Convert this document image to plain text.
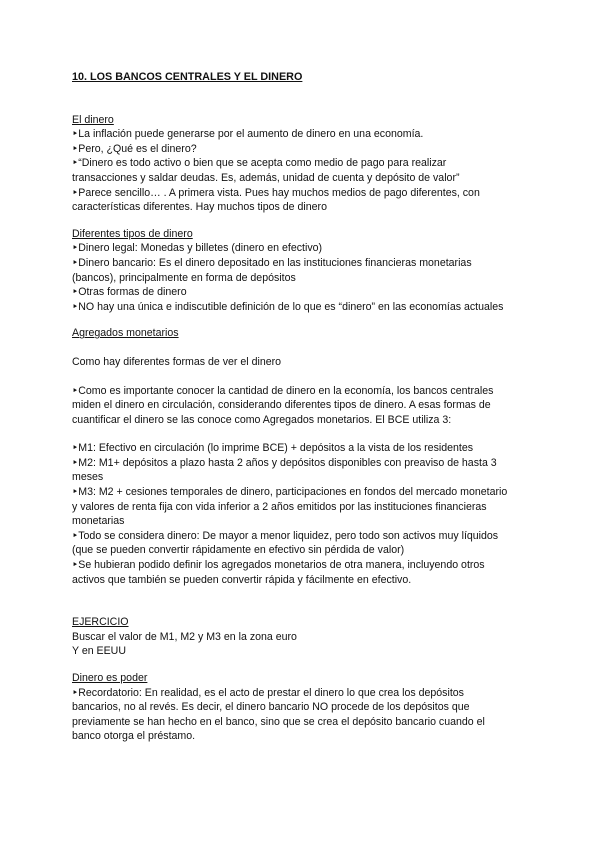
10. LOS BANCOS CENTRALES Y EL DINERO
El dinero
‣La inflación puede generarse por el aumento de dinero en una economía.
‣Pero, ¿Qué es el dinero?
‣“Dinero es todo activo o bien que se acepta como medio de pago para realizar
transacciones y saldar deudas. Es, además, unidad de cuenta y depósito de valor”
‣Parece sencillo… . A primera vista. Pues hay muchos medios de pago diferentes, con
características diferentes. Hay muchos tipos de dinero
Diferentes tipos de dinero
‣Dinero legal: Monedas y billetes (dinero en efectivo)
‣Dinero bancario: Es el dinero depositado en las instituciones financieras monetarias
(bancos), principalmente en forma de depósitos
‣Otras formas de dinero
‣NO hay una única e indiscutible definición de lo que es “dinero” en las economías actuales
Agregados monetarios
Como hay diferentes formas de ver el dinero
‣Como es importante conocer la cantidad de dinero en la economía, los bancos centrales
miden el dinero en circulación, considerando diferentes tipos de dinero. A esas formas de
cuantificar el dinero se las conoce como Agregados monetarios. El BCE utiliza 3:
‣M1: Efectivo en circulación (lo imprime BCE) + depósitos a la vista de los residentes
‣M2: M1+ depósitos a plazo hasta 2 años y depósitos disponibles con preaviso de hasta 3
meses
‣M3: M2 + cesiones temporales de dinero, participaciones en fondos del mercado monetario
y valores de renta fija con vida inferior a 2 años emitidos por las instituciones financieras
monetarias
‣Todo se considera dinero: De mayor a menor liquidez, pero todo son activos muy líquidos
(que se pueden convertir rápidamente en efectivo sin pérdida de valor)
‣Se hubieran podido definir los agregados monetarios de otra manera, incluyendo otros
activos que también se pueden convertir rápida y fácilmente en efectivo.
EJERCICIO
Buscar el valor de M1, M2 y M3 en la zona euro
Y en EEUU
Dinero es poder
‣Recordatorio: En realidad, es el acto de prestar el dinero lo que crea los depósitos
bancarios, no al revés. Es decir, el dinero bancario NO procede de los depósitos que
previamente se han hecho en el banco, sino que se crea el depósito bancario cuando el
banco otorga el préstamo.
